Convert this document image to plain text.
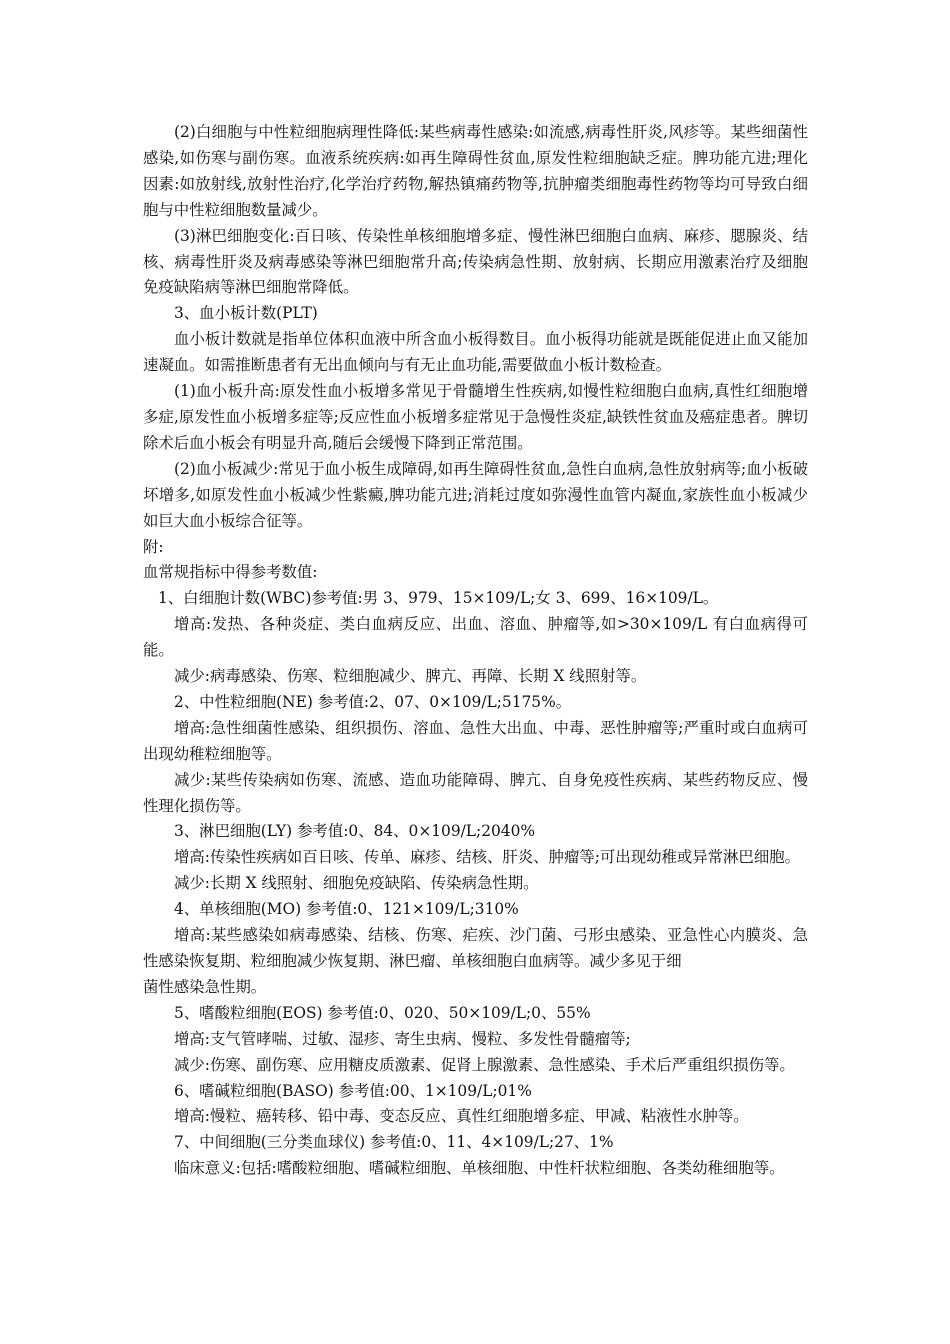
(2)白细胞与中性粒细胞病理性降低:某些病毒性感染:如流感,病毒性肝炎,风疹等。某些细菌性感染,如伤寒与副伤寒。血液系统疾病:如再生障碍性贫血,原发性粒细胞缺乏症。脾功能亢进;理化因素:如放射线,放射性治疗,化学治疗药物,解热镇痛药物等,抗肿瘤类细胞毒性药物等均可导致白细胞与中性粒细胞数量减少。

(3)淋巴细胞变化:百日咳、传染性单核细胞增多症、慢性淋巴细胞白血病、麻疹、腮腺炎、结核、病毒性肝炎及病毒感染等淋巴细胞常升高;传染病急性期、放射病、长期应用激素治疗及细胞免疫缺陷病等淋巴细胞常降低。

3、血小板计数(PLT)

血小板计数就是指单位体积血液中所含血小板得数目。血小板得功能就是既能促进止血又能加速凝血。如需推断患者有无出血倾向与有无止血功能,需要做血小板计数检查。

(1)血小板升高:原发性血小板增多常见于骨髓增生性疾病,如慢性粒细胞白血病,真性红细胞增多症,原发性血小板增多症等;反应性血小板增多症常见于急慢性炎症,缺铁性贫血及癌症患者。脾切除术后血小板会有明显升高,随后会缓慢下降到正常范围。

(2)血小板减少:常见于血小板生成障碍,如再生障碍性贫血,急性白血病,急性放射病等;血小板破坏增多,如原发性血小板减少性紫癜,脾功能亢进;消耗过度如弥漫性血管内凝血,家族性血小板减少如巨大血小板综合征等。

附:

血常规指标中得参考数值:

1、白细胞计数(WBC)参考值:男 3、979、15×109/L;女 3、699、16×109/L。

增高:发热、各种炎症、类白血病反应、出血、溶血、肿瘤等,如>30×109/L 有白血病得可能。

减少:病毒感染、伤寒、粒细胞减少、脾亢、再障、长期 X 线照射等。

2、中性粒细胞(NE) 参考值:2、07、0×109/L;5175%。

增高:急性细菌性感染、组织损伤、溶血、急性大出血、中毒、恶性肿瘤等;严重时或白血病可出现幼稚粒细胞等。

减少:某些传染病如伤寒、流感、造血功能障碍、脾亢、自身免疫性疾病、某些药物反应、慢性理化损伤等。

3、淋巴细胞(LY) 参考值:0、84、0×109/L;2040%

增高:传染性疾病如百日咳、传单、麻疹、结核、肝炎、肿瘤等;可出现幼稚或异常淋巴细胞。

减少:长期 X 线照射、细胞免疫缺陷、传染病急性期。

4、单核细胞(MO) 参考值:0、121×109/L;310%

增高:某些感染如病毒感染、结核、伤寒、疟疾、沙门菌、弓形虫感染、亚急性心内膜炎、急性感染恢复期、粒细胞减少恢复期、淋巴瘤、单核细胞白血病等。减少多见于细

菌性感染急性期。

5、嗜酸粒细胞(EOS) 参考值:0、020、50×109/L;0、55%

增高:支气管哮喘、过敏、湿疹、寄生虫病、慢粒、多发性骨髓瘤等;

减少:伤寒、副伤寒、应用糖皮质激素、促肾上腺激素、急性感染、手术后严重组织损伤等。

6、嗜碱粒细胞(BASO) 参考值:00、1×109/L;01%

增高:慢粒、癌转移、铅中毒、变态反应、真性红细胞增多症、甲减、粘液性水肿等。

7、中间细胞(三分类血球仪) 参考值:0、11、4×109/L;27、1%

临床意义:包括:嗜酸粒细胞、嗜碱粒细胞、单核细胞、中性杆状粒细胞、各类幼稚细胞等。
